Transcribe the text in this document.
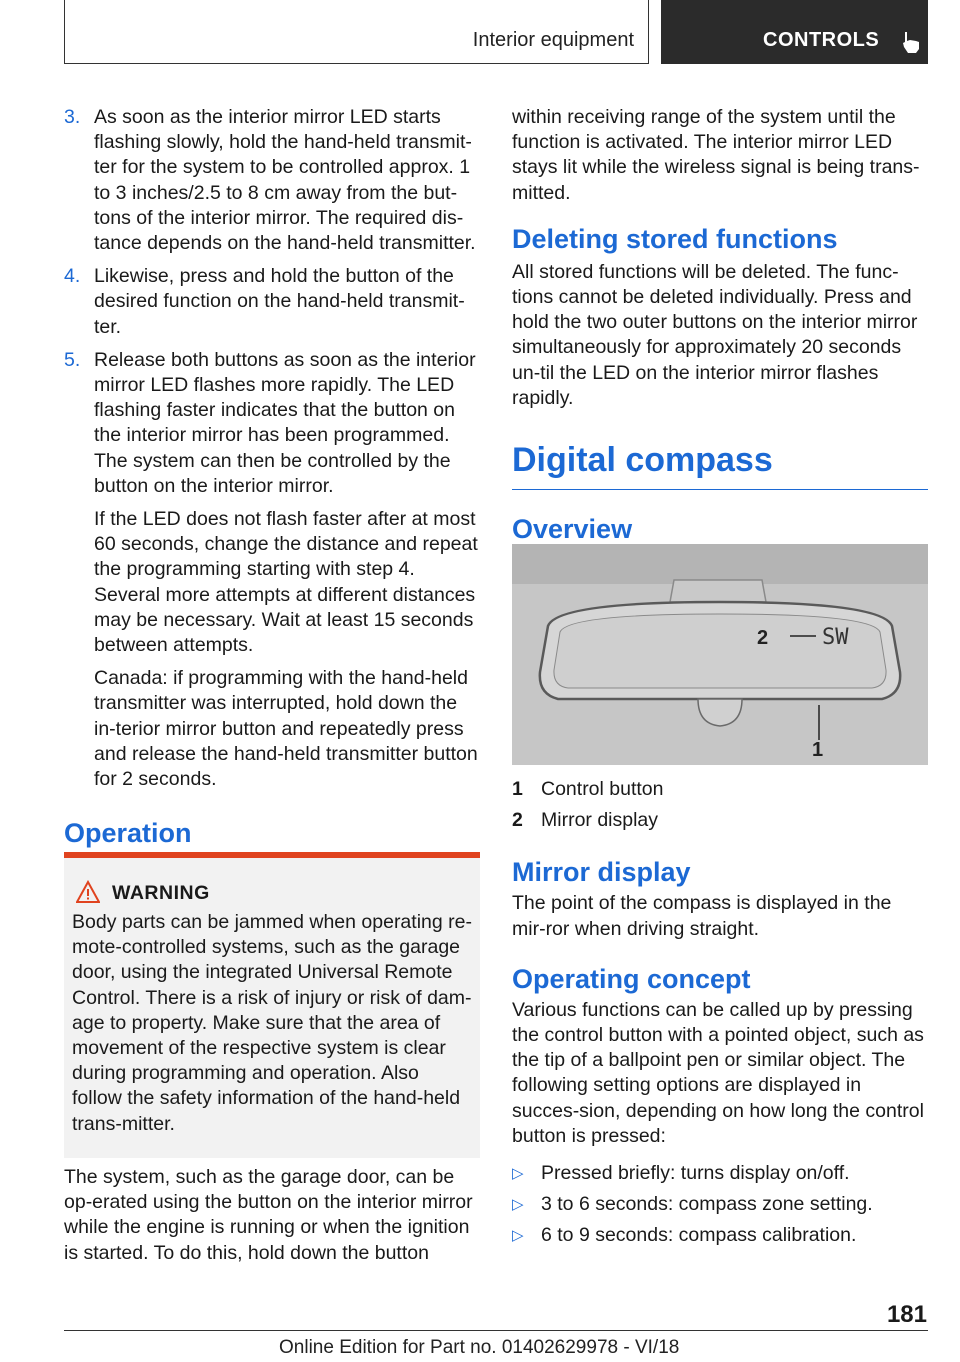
Interior equipment	CONTROLS
3. As soon as the interior mirror LED starts flashing slowly, hold the hand-held transmit-ter for the system to be controlled approx. 1 to 3 inches/2.5 to 8 cm away from the but-tons of the interior mirror. The required dis-tance depends on the hand-held transmitter.

4. Likewise, press and hold the button of the desired function on the hand-held transmit-ter.

5. Release both buttons as soon as the interior mirror LED flashes more rapidly. The LED flashing faster indicates that the button on the interior mirror has been programmed. The system can then be controlled by the button on the interior mirror.

If the LED does not flash faster after at most 60 seconds, change the distance and repeat the programming starting with step 4. Several more attempts at different distances may be necessary. Wait at least 15 seconds between attempts.

Canada: if programming with the hand-held transmitter was interrupted, hold down the in-terior mirror button and repeatedly press and release the hand-held transmitter button for 2 seconds.

Operation
WARNING
Body parts can be jammed when operating re-mote-controlled systems, such as the garage door, using the integrated Universal Remote Control. There is a risk of injury or risk of dam-age to property. Make sure that the area of movement of the respective system is clear during programming and operation. Also follow the safety information of the hand-held trans-mitter.

The system, such as the garage door, can be op-erated using the button on the interior mirror while the engine is running or when the ignition is started. To do this, hold down the button

within receiving range of the system until the function is activated. The interior mirror LED stays lit while the wireless signal is being trans-mitted.

Deleting stored functions

All stored functions will be deleted. The func-tions cannot be deleted individually. Press and hold the two outer buttons on the interior mirror simultaneously for approximately 20 seconds un-til the LED on the interior mirror flashes rapidly.

Digital compass
Overview
2 SW
1
1 Control button
2 Mirror display
Mirror display

The point of the compass is displayed in the mir-ror when driving straight.

Operating concept

Various functions can be called up by pressing the control button with a pointed object, such as the tip of a ballpoint pen or similar object. The following setting options are displayed in succes-sion, depending on how long the control button is pressed:

▷ Pressed briefly: turns display on/off.
▷ 3 to 6 seconds: compass zone setting.
▷ 6 to 9 seconds: compass calibration.
181
Online Edition for Part no. 01402629978 - VI/18
